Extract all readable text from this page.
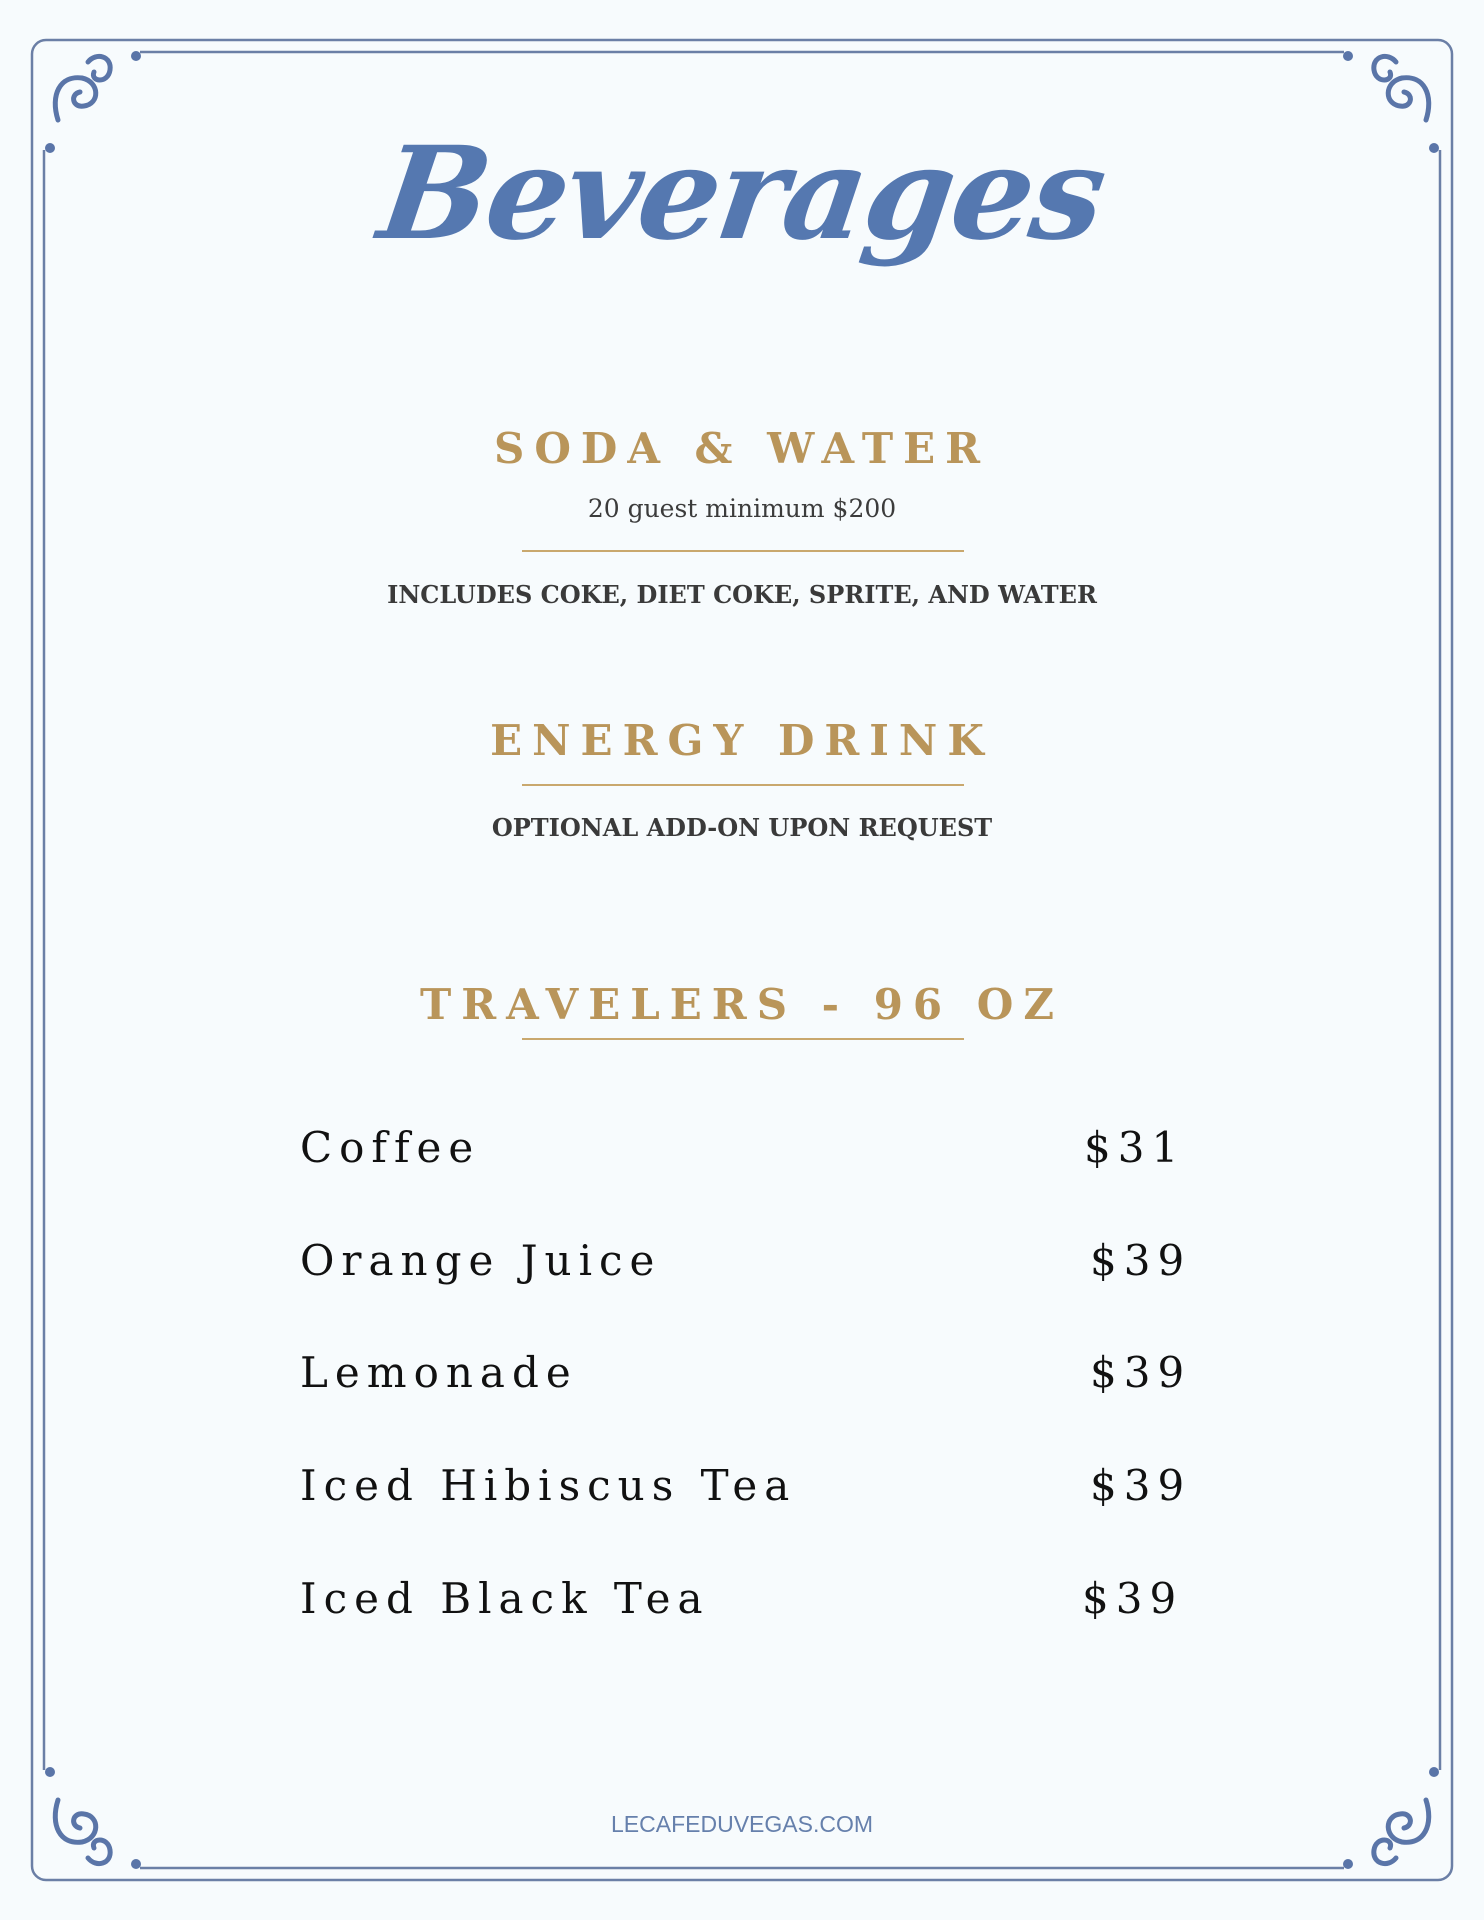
Beverages
SODA & WATER
20 guest minimum $200
INCLUDES COKE, DIET COKE, SPRITE, AND WATER
ENERGY DRINK
OPTIONAL ADD-ON UPON REQUEST
TRAVELERS - 96 OZ
Coffee	$31
Orange Juice	$39
Lemonade	$39
Iced Hibiscus Tea	$39
Iced Black Tea	$39
LECAFEDUVEGAS.COM
